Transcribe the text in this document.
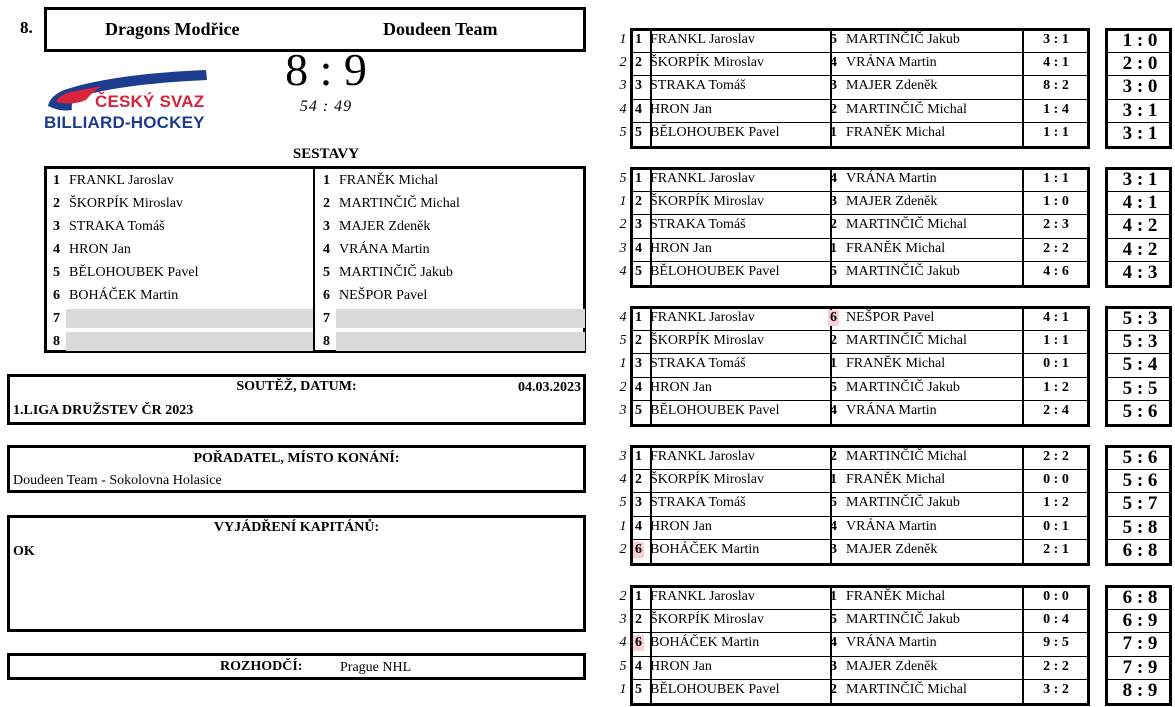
8.	Dragons Modřice	Doudeen Team
ČESKÝ SVAZ
BILLIARD-HOCKEY
8 : 9
54 : 49
SESTAVY
1 FRANKL Jaroslav
2 ŠKORPÍK Miroslav
3 STRAKA Tomáš
4 HRON Jan
5 BĚLOHOUBEK Pavel
6 BOHÁČEK Martin
7
8
1 FRANĚK Michal
2 MARTINČIČ Michal
3 MAJER Zdeněk
4 VRÁNA Martin
5 MARTINČIČ Jakub
6 NEŠPOR Pavel
7
8
SOUTĚŽ, DATUM:	04.03.2023
1.LIGA DRUŽSTEV ČR 2023
POŘADATEL, MÍSTO KONÁNÍ:
Doudeen Team - Sokolovna Holasice
VYJÁDŘENÍ KAPITÁNŮ:
OK
ROZHODČÍ:	Prague NHL
1 1 FRANKL Jaroslav	5 MARTINČIČ Jakub	3 : 1	1 : 0
2 2 ŠKORPÍK Miroslav	4 VRÁNA Martin	4 : 1	2 : 0
3 3 STRAKA Tomáš	3 MAJER Zdeněk	8 : 2	3 : 0
4 4 HRON Jan	2 MARTINČIČ Michal	1 : 4	3 : 1
5 5 BĚLOHOUBEK Pavel	1 FRANĚK Michal	1 : 1	3 : 1
5 1 FRANKL Jaroslav	4 VRÁNA Martin	1 : 1	3 : 1
1 2 ŠKORPÍK Miroslav	3 MAJER Zdeněk	1 : 0	4 : 1
2 3 STRAKA Tomáš	2 MARTINČIČ Michal	2 : 3	4 : 2
3 4 HRON Jan	1 FRANĚK Michal	2 : 2	4 : 2
4 5 BĚLOHOUBEK Pavel	5 MARTINČIČ Jakub	4 : 6	4 : 3
4 1 FRANKL Jaroslav	6 NEŠPOR Pavel	4 : 1	5 : 3
5 2 ŠKORPÍK Miroslav	2 MARTINČIČ Michal	1 : 1	5 : 3
1 3 STRAKA Tomáš	1 FRANĚK Michal	0 : 1	5 : 4
2 4 HRON Jan	5 MARTINČIČ Jakub	1 : 2	5 : 5
3 5 BĚLOHOUBEK Pavel	4 VRÁNA Martin	2 : 4	5 : 6
3 1 FRANKL Jaroslav	2 MARTINČIČ Michal	2 : 2	5 : 6
4 2 ŠKORPÍK Miroslav	1 FRANĚK Michal	0 : 0	5 : 6
5 3 STRAKA Tomáš	5 MARTINČIČ Jakub	1 : 2	5 : 7
1 4 HRON Jan	4 VRÁNA Martin	0 : 1	5 : 8
2 6 BOHÁČEK Martin	3 MAJER Zdeněk	2 : 1	6 : 8
2 1 FRANKL Jaroslav	1 FRANĚK Michal	0 : 0	6 : 8
3 2 ŠKORPÍK Miroslav	5 MARTINČIČ Jakub	0 : 4	6 : 9
4 6 BOHÁČEK Martin	4 VRÁNA Martin	9 : 5	7 : 9
5 4 HRON Jan	3 MAJER Zdeněk	2 : 2	7 : 9
1 5 BĚLOHOUBEK Pavel	2 MARTINČIČ Michal	3 : 2	8 : 9
